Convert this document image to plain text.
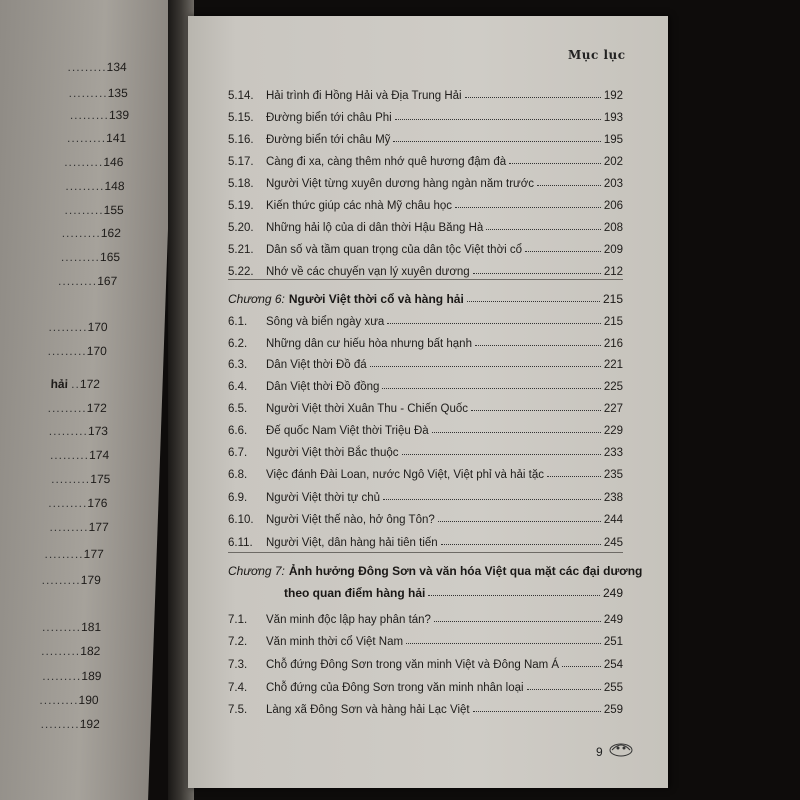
.........134
.........135
.........139
.........141
.........146
.........148
.........155
.........162
.........165
.........167
.........170
.........170
hải ..172
.........172
.........173
.........174
.........175
.........176
.........177
.........177
.........179
.........181
.........182
.........189
.........190
.........192
Mục lục
5.14.	Hải trình đi Hồng Hải và Địa Trung Hải	192
5.15.	Đường biển tới châu Phi	193
5.16.	Đường biển tới châu Mỹ	195
5.17.	Càng đi xa, càng thêm nhớ quê hương đậm đà	202
5.18.	Người Việt từng xuyên dương hàng ngàn năm trước	203
5.19.	Kiến thức giúp các nhà Mỹ châu học	206
5.20.	Những hải lộ của di dân thời Hậu Băng Hà	208
5.21.	Dân số và tầm quan trọng của dân tộc Việt thời cổ	209
5.22.	Nhớ về các chuyến vạn lý xuyên dương	212
Chương 6: Người Việt thời cổ và hàng hải	215
6.1.	Sông và biển ngày xưa	215
6.2.	Những dân cư hiếu hòa nhưng bất hạnh	216
6.3.	Dân Việt thời Đồ đá	221
6.4.	Dân Việt thời Đồ đồng	225
6.5.	Người Việt thời Xuân Thu - Chiến Quốc	227
6.6.	Đế quốc Nam Việt thời Triệu Đà	229
6.7.	Người Việt thời Bắc thuộc	233
6.8.	Việc đánh Đài Loan, nước Ngô Việt, Việt phỉ và hải tặc	235
6.9.	Người Việt thời tự chủ	238
6.10.	Người Việt thế nào, hở ông Tôn?	244
6.11.	Người Việt, dân hàng hải tiên tiến	245
Chương 7: Ảnh hưởng Đông Sơn và văn hóa Việt qua mặt các đại dương
theo quan điểm hàng hải	249
7.1.	Văn minh độc lập hay phân tán?	249
7.2.	Văn minh thời cổ Việt Nam	251
7.3.	Chỗ đứng Đông Sơn trong văn minh Việt và Đông Nam Á	254
7.4.	Chỗ đứng của Đông Sơn trong văn minh nhân loại	255
7.5.	Làng xã Đông Sơn và hàng hải Lạc Việt	259
9
